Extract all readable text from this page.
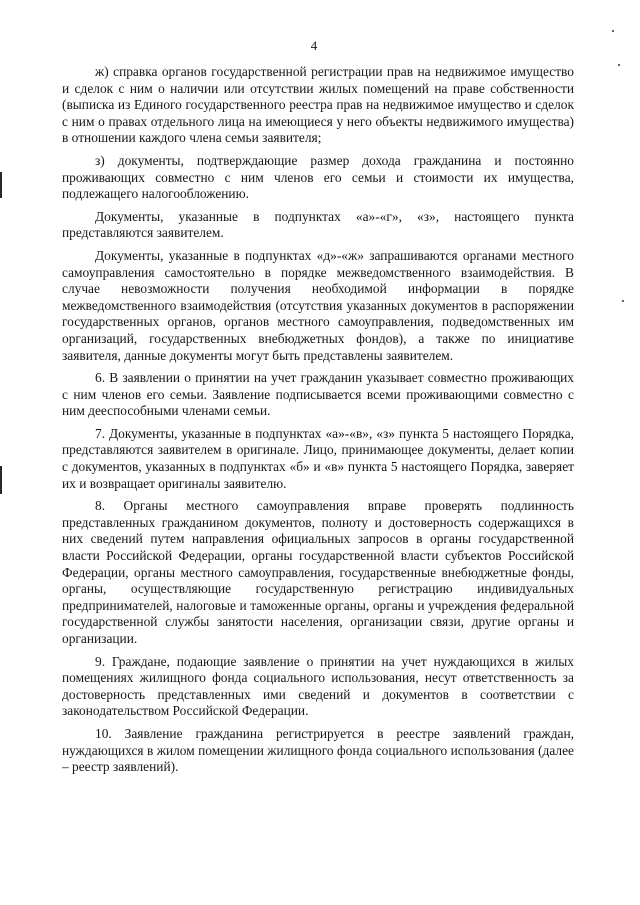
4

ж) справка органов государственной регистрации прав на недвижимое имущество и сделок с ним о наличии или отсутствии жилых помещений на праве собственности (выписка из Единого государственного реестра прав на недвижимое имущество и сделок с ним о правах отдельного лица на имеющиеся у него объекты недвижимого имущества) в отношении каждого члена семьи заявителя;

з) документы, подтверждающие размер дохода гражданина и постоянно проживающих совместно с ним членов его семьи и стоимости их имущества, подлежащего налогообложению.

Документы, указанные в подпунктах «а»-«г», «з», настоящего пункта представляются заявителем.

Документы, указанные в подпунктах «д»-«ж» запрашиваются органами местного самоуправления самостоятельно в порядке межведомственного взаимодействия. В случае невозможности получения необходимой информации в порядке межведомственного взаимодействия (отсутствия указанных документов в распоряжении государственных органов, органов местного самоуправления, подведомственных им организаций, государственных внебюджетных фондов), а также по инициативе заявителя, данные документы могут быть представлены заявителем.

6. В заявлении о принятии на учет гражданин указывает совместно проживающих с ним членов его семьи. Заявление подписывается всеми проживающими совместно с ним дееспособными членами семьи.

7. Документы, указанные в подпунктах «а»-«в», «з» пункта 5 настоящего Порядка, представляются заявителем в оригинале. Лицо, принимающее документы, делает копии с документов, указанных в подпунктах «б» и «в» пункта 5 настоящего Порядка, заверяет их и возвращает оригиналы заявителю.

8. Органы местного самоуправления вправе проверять подлинность представленных гражданином документов, полноту и достоверность содержащихся в них сведений путем направления официальных запросов в органы государственной власти Российской Федерации, органы государственной власти субъектов Российской Федерации, органы местного самоуправления, государственные внебюджетные фонды, органы, осуществляющие государственную регистрацию индивидуальных предпринимателей, налоговые и таможенные органы, органы и учреждения федеральной государственной службы занятости населения, организации связи, другие органы и организации.

9. Граждане, подающие заявление о принятии на учет нуждающихся в жилых помещениях жилищного фонда социального использования, несут ответственность за достоверность представленных ими сведений и документов в соответствии с законодательством Российской Федерации.

10. Заявление гражданина регистрируется в реестре заявлений граждан, нуждающихся в жилом помещении жилищного фонда социального использования (далее – реестр заявлений).
